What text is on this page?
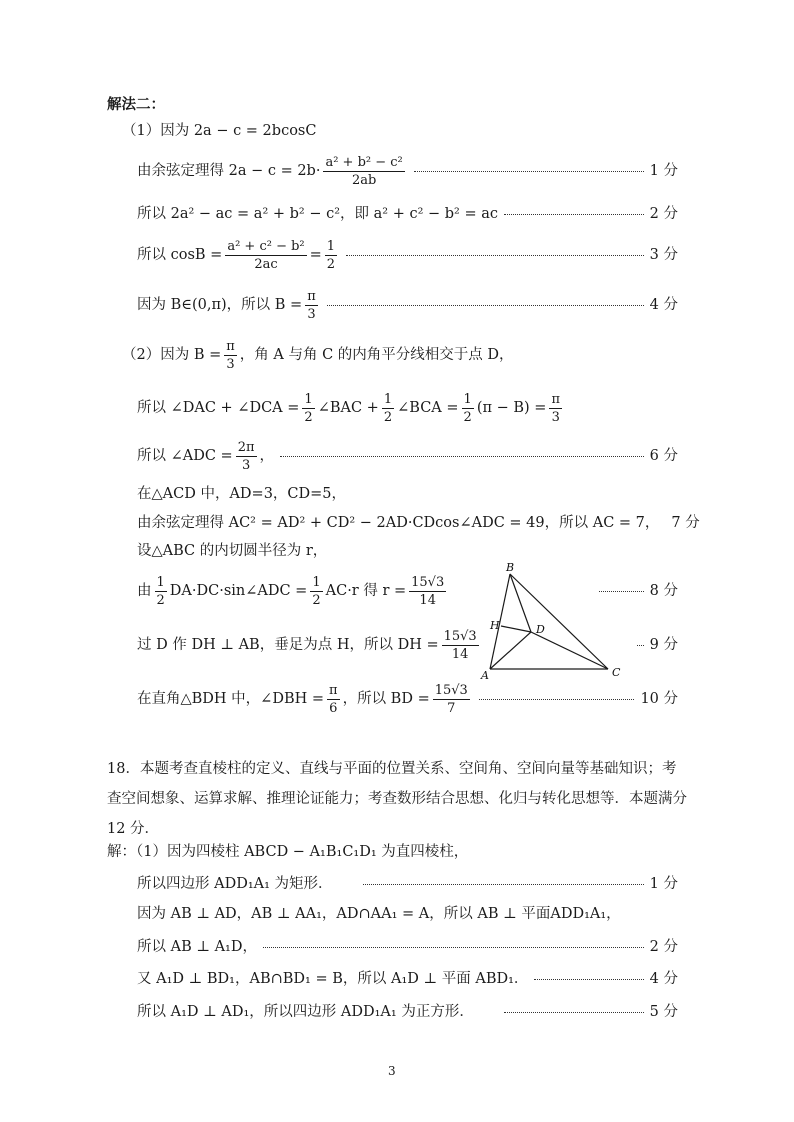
解法二：
（1）因为 2a − c = 2bcosC
由余弦定理得 $2a - c = 2b\cdot \frac{\text{a² + b² − c²}}{2ab}$	1 分
所以 2a² − ac = a² + b² − c²，即 a² + c² − b² = ac	2 分
所以 $\cos B = \frac{\text{a² + c² − b²}}{2ac} = \frac{1}{2}$	3 分
因为 B∈(0,π)，所以 $B = \frac{\pi}{3}$	4 分
（2）因为 $B = \frac{\pi}{3}$ ，角 A 与角 C 的内角平分线相交于点 D，
所以 ∠DAC + ∠DCA = $\frac{1}{2}$ ∠BAC + $\frac{1}{2}$ ∠BCA = $\frac{1}{2} (\pi - B) = \frac{\pi}{3}$
所以 ∠ADC = $\frac{2\pi}{3}$ ，	6 分
在△ACD 中，AD=3，CD=5，
由余弦定理得 AC² = AD² + CD² − 2AD·CDcos∠ADC = 49，所以 AC = 7， 7 分
设△ABC 的内切圆半径为 r，
由 $\frac{1}{2}$ DA·DC·sin∠ADC = $\frac{1}{2} AC\cdot r$ 得 $r = \frac{15√3}{14}$	8 分
过 D 作 DH ⊥ AB，垂足为点 H，所以 DH = $\frac{15√3}{14}$	9 分
在直角△BDH 中，∠DBH = $\frac{\pi}{6}$ ，所以 BD = $\frac{15√3}{7}$	10 分
B
H	D
A	C
18．本题考查直棱柱的定义、直线与平面的位置关系、空间角、空间向量等基础知识；考查空间想象、运算求解、推理论证能力；考查数形结合思想、化归与转化思想等．本题满分 12 分．
解：（1）因为四棱柱 ABCD − A₁B₁C₁D₁ 为直四棱柱，
所以四边形 ADD₁A₁ 为矩形．	1 分
因为 AB ⊥ AD，AB ⊥ AA₁，AD∩AA₁ = A，所以 AB ⊥ 平面ADD₁A₁，
所以 AB ⊥ A₁D，	2 分
又 A₁D ⊥ BD₁，AB∩BD₁ = B，所以 A₁D ⊥ 平面 ABD₁．	4 分
所以 A₁D ⊥ AD₁，所以四边形 ADD₁A₁ 为正方形．	5 分
3
